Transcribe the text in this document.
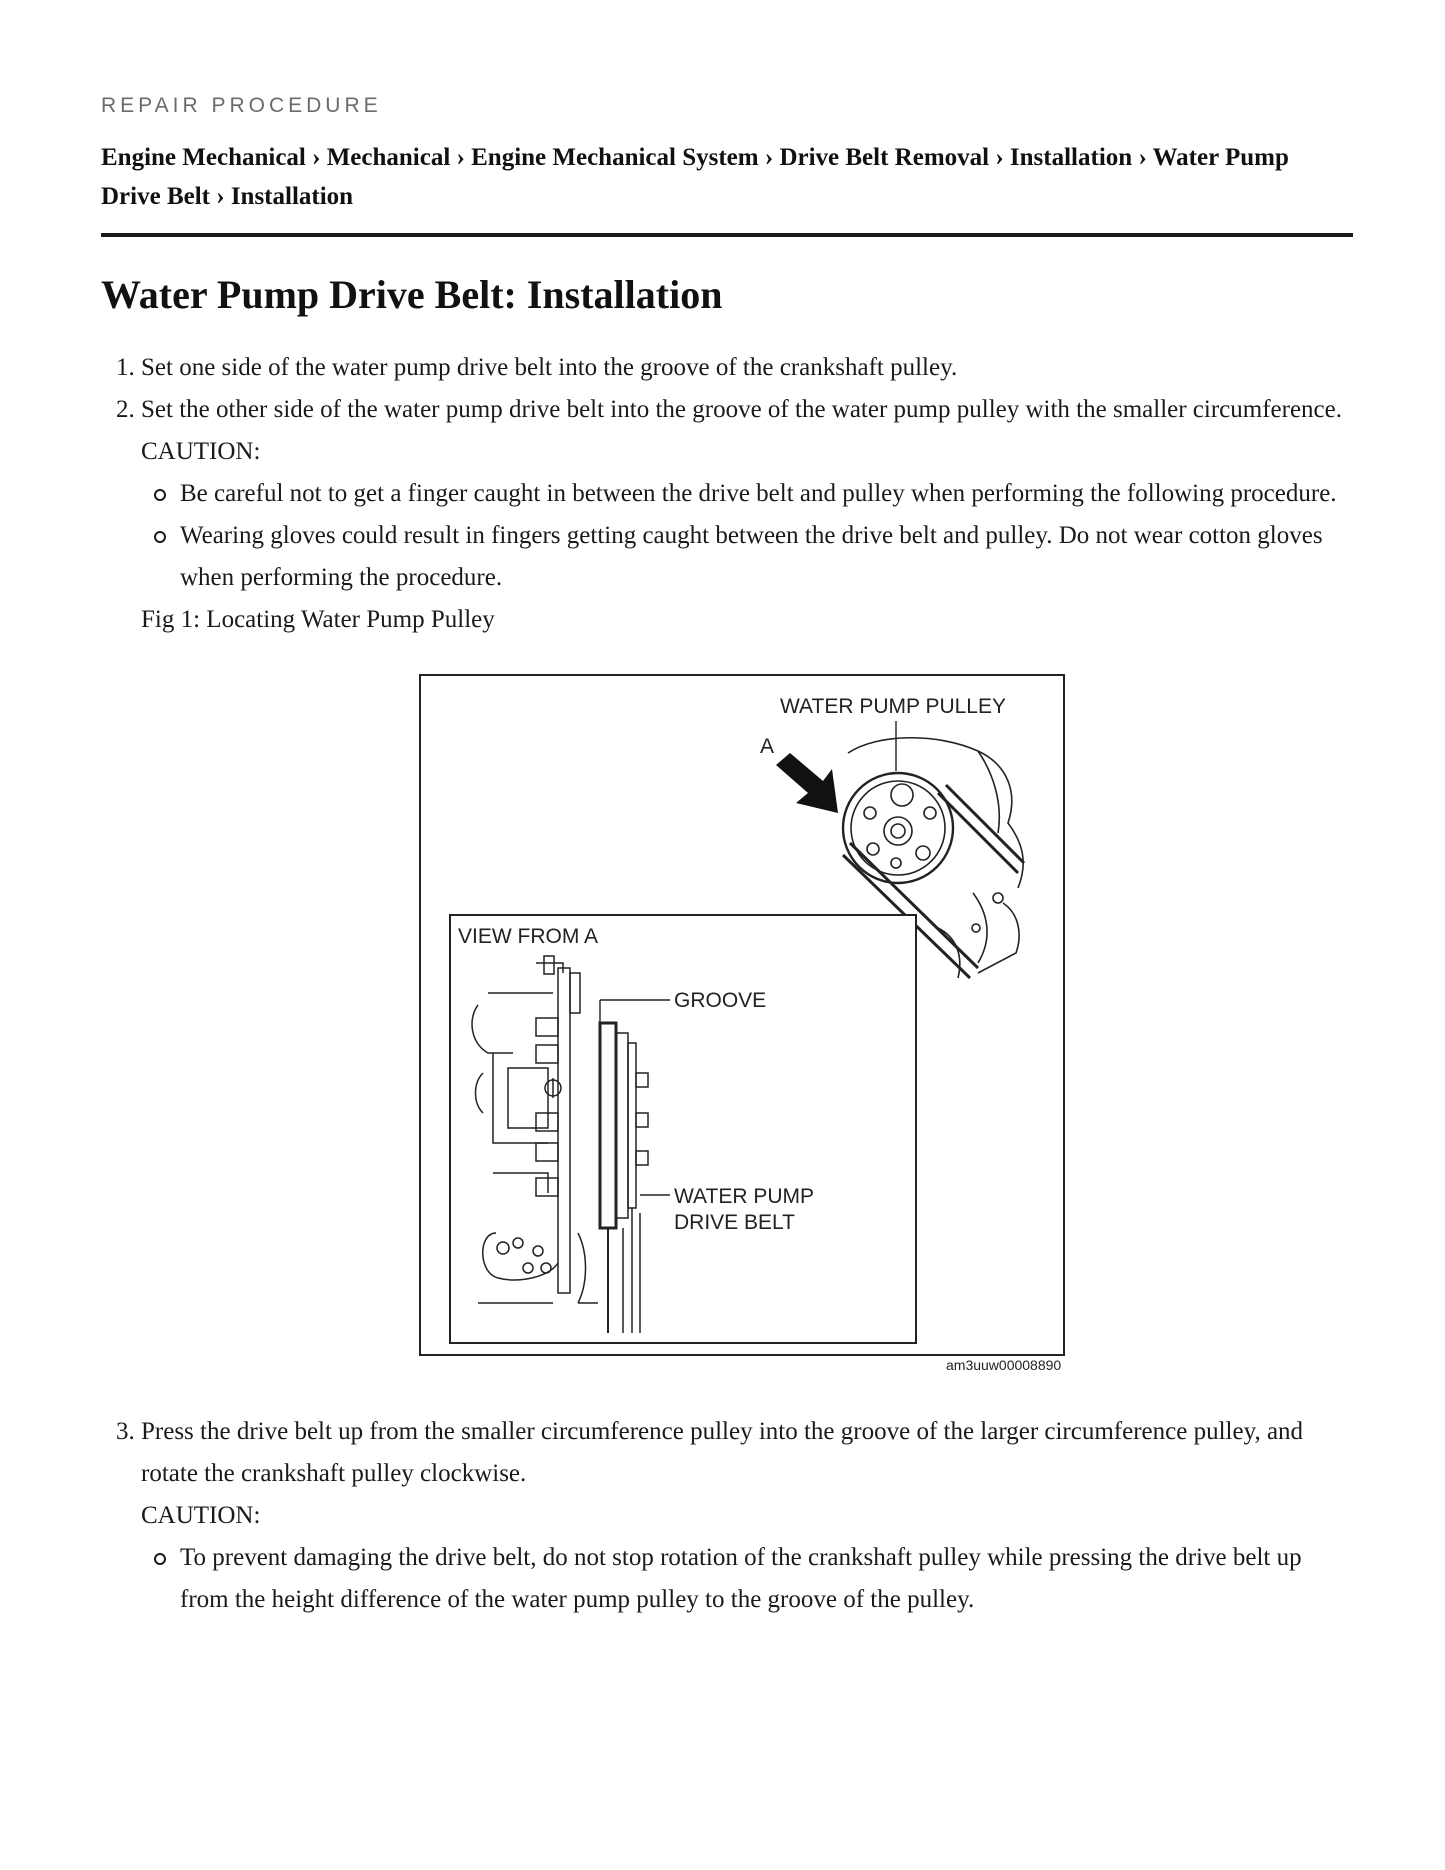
REPAIR PROCEDURE
Engine Mechanical › Mechanical › Engine Mechanical System › Drive Belt Removal › Installation › Water Pump Drive Belt › Installation
Water Pump Drive Belt: Installation
1. Set one side of the water pump drive belt into the groove of the crankshaft pulley.
2. Set the other side of the water pump drive belt into the groove of the water pump pulley with the smaller circumference.
CAUTION:
Be careful not to get a finger caught in between the drive belt and pulley when performing the following procedure.
Wearing gloves could result in fingers getting caught between the drive belt and pulley. Do not wear cotton gloves when performing the procedure.
Fig 1: Locating Water Pump Pulley
WATER PUMP PULLEY
A
VIEW FROM A
GROOVE
WATER PUMP
DRIVE BELT
am3uuw00008890
3. Press the drive belt up from the smaller circumference pulley into the groove of the larger circumference pulley, and rotate the crankshaft pulley clockwise.
CAUTION:
To prevent damaging the drive belt, do not stop rotation of the crankshaft pulley while pressing the drive belt up from the height difference of the water pump pulley to the groove of the pulley.
